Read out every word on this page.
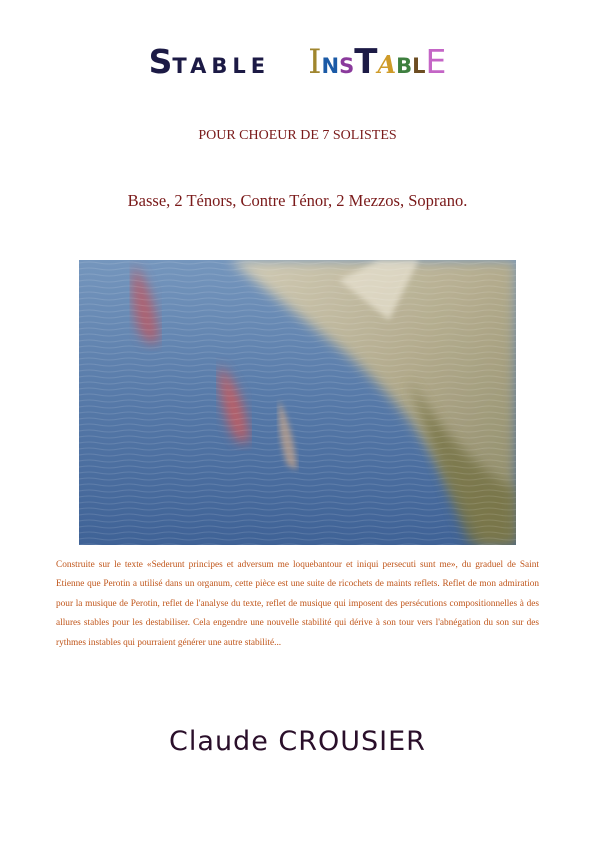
STABLE INSTABLE
POUR CHOEUR DE 7 SOLISTES
Basse, 2 Ténors, Contre Ténor, 2 Mezzos, Soprano.
Construite sur le texte «Sederunt principes et adversum me loquebantour et iniqui persecuti sunt me», du graduel de Saint Etienne que Perotin a utilisé dans un organum, cette pièce est une suite de ricochets de maints reflets. Reflet de mon admiration pour la musique de Perotin, reflet de l'analyse du texte, reflet de musique qui imposent des persécutions compositionnelles à des allures stables pour les destabiliser. Cela engendre une nouvelle stabilité qui dérive à son tour vers l'abnégation du son sur des rythmes instables qui pourraient générer une autre stabilité...
Claude CROUSIER
